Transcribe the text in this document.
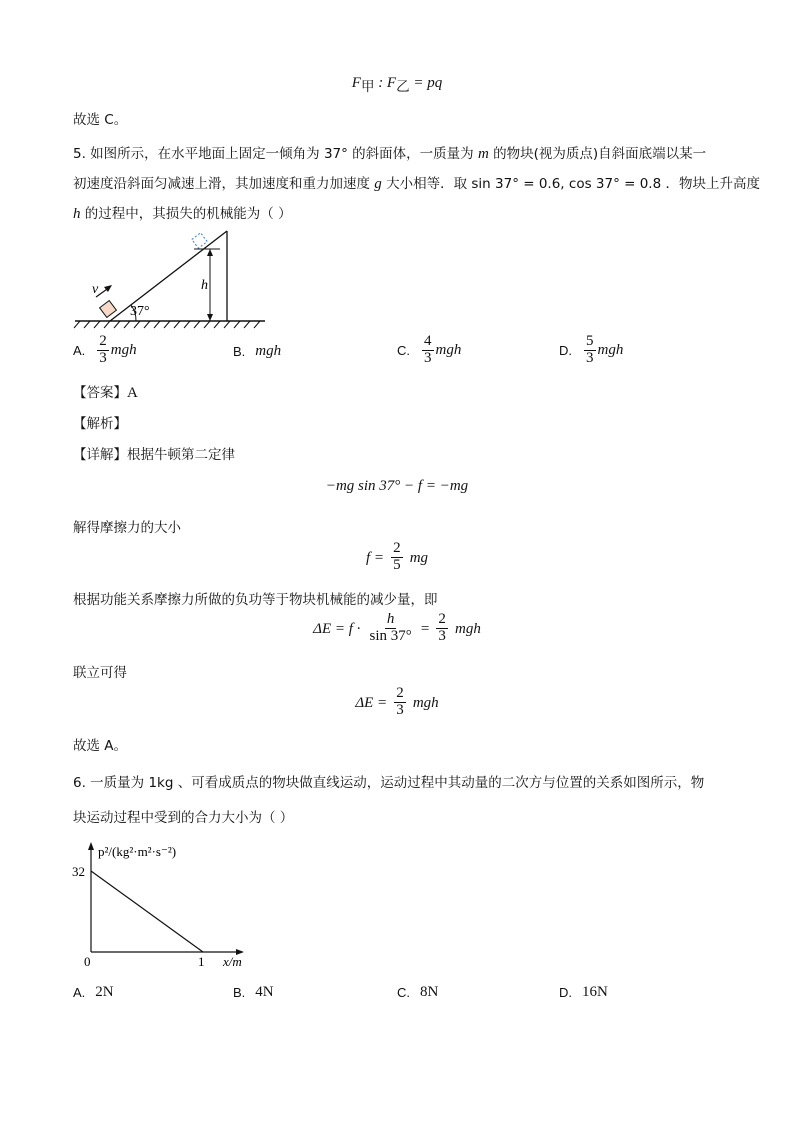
$F_甲$ : $F_乙$ = pq
故选 C。
5. 如图所示，在水平地面上固定一倾角为 37° 的斜面体，一质量为 m 的物块(视为质点)自斜面底端以某一
初速度沿斜面匀减速上滑，其加速度和重力加速度 g 大小相等．取 sin 37° = 0.6, cos 37° = 0.8 ．物块上升高度
h 的过程中，其损失的机械能为（ ）
v
37°
h
A. $\frac{2}{3}$ mgh	B. mgh	C. $\frac{4}{3}$ mgh	D. $\frac{5}{3}$ mgh
【答案】A
【解析】
【详解】根据牛顿第二定律
−mg sin 37° − f = −mg
解得摩擦力的大小
$f = \frac{2}{5}$ mg
根据功能关系摩擦力所做的负功等于物块机械能的减少量，即
$\Delta E = f \cdot \frac{h}{\sin 37^\circ} = \frac{2}{3}$ mgh
联立可得
$\Delta E = \frac{2}{3}$ mgh
故选 A。
6. 一质量为 1kg 、可看成质点的物块做直线运动，运动过程中其动量的二次方与位置的关系如图所示，物
块运动过程中受到的合力大小为（ ）
p²/(kg²·m²·s⁻²)
32
0	1 x/m
A. 2N	B. 4N	C. 8N	D. 16N
